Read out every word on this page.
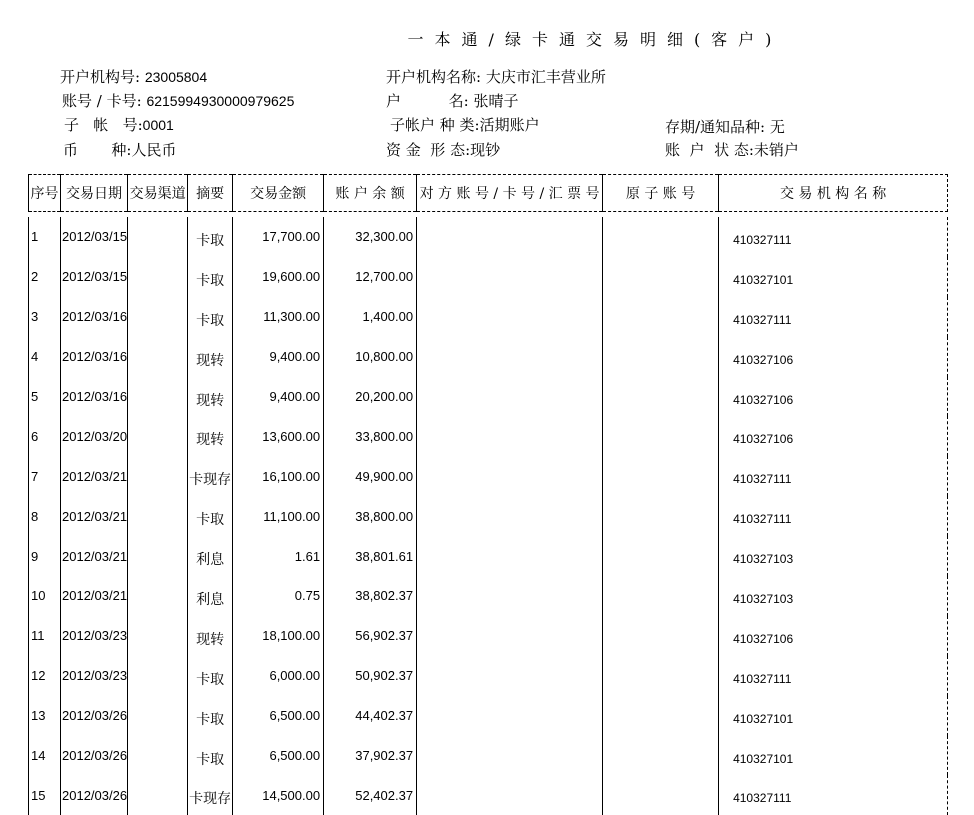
一本通/绿卡通交易明细(客户)
开户机构号: 23005804	开户机构名称: 大庆市汇丰营业所
账号 / 卡号: 6215994930000979625	户          名: 张晴子
子   帐   号:0001	子帐户 种 类:活期账户	存期/通知品种: 无
币       种:人民币	资 金  形 态:现钞	账  户  状 态:未销户
序号	交易日期	交易渠道	摘要	交易金额	账 户 余 额	对 方 账 号 / 卡 号 / 汇 票 号	原 子 账 号	交 易 机 构 名 称

1	2012/03/15		卡取	17,700.00	32,300.00			410327111
2	2012/03/15		卡取	19,600.00	12,700.00			410327101
3	2012/03/16		卡取	11,300.00	1,400.00			410327111
4	2012/03/16		现转	9,400.00	10,800.00			410327106
5	2012/03/16		现转	9,400.00	20,200.00			410327106
6	2012/03/20		现转	13,600.00	33,800.00			410327106
7	2012/03/21		卡现存	16,100.00	49,900.00			410327111
8	2012/03/21		卡取	11,100.00	38,800.00			410327111
9	2012/03/21		利息	1.61	38,801.61			410327103
10	2012/03/21		利息	0.75	38,802.37			410327103
11	2012/03/23		现转	18,100.00	56,902.37			410327106
12	2012/03/23		卡取	6,000.00	50,902.37			410327111
13	2012/03/26		卡取	6,500.00	44,402.37			410327101
14	2012/03/26		卡取	6,500.00	37,902.37			410327101
15	2012/03/26		卡现存	14,500.00	52,402.37			410327111
